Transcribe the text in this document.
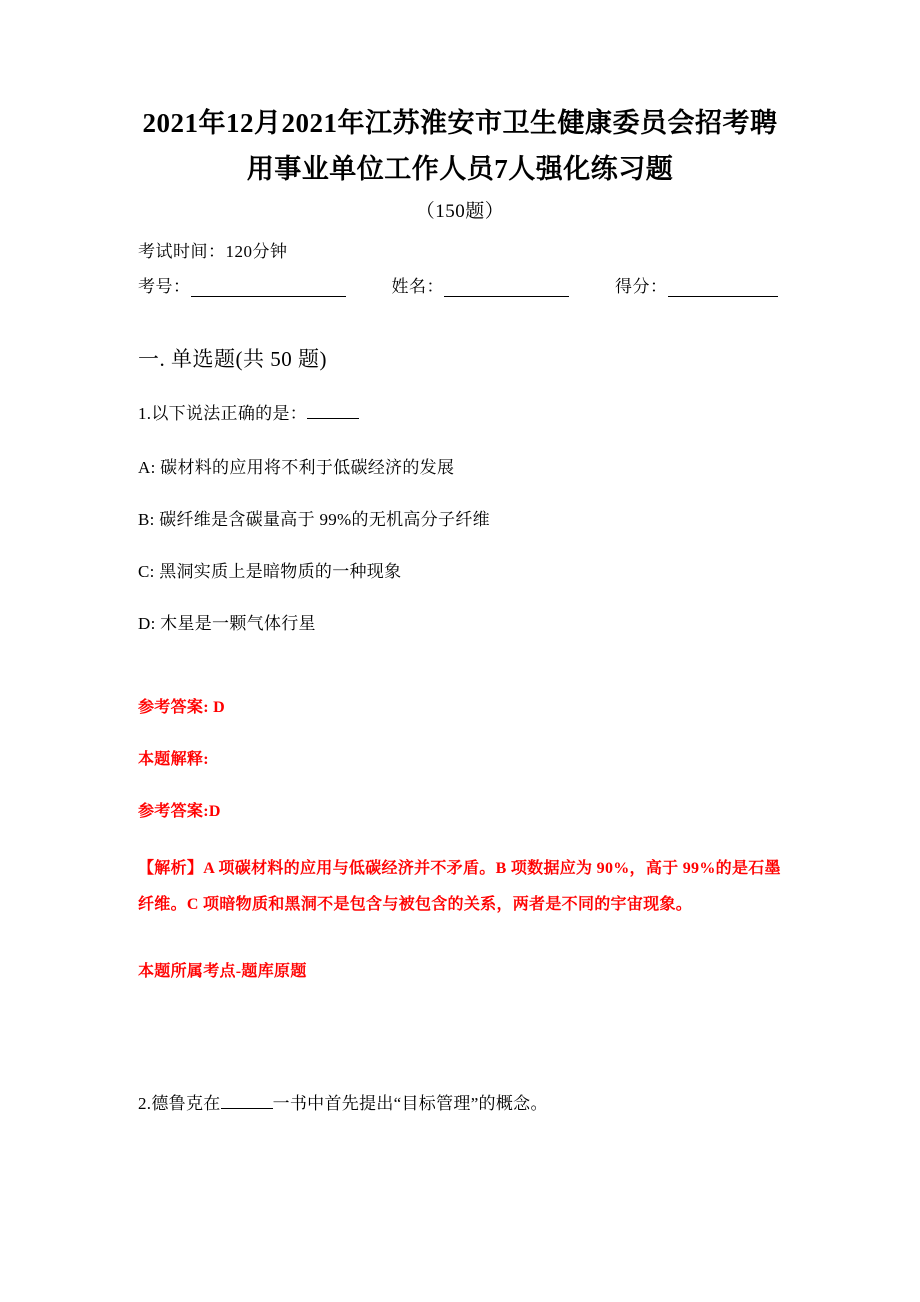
2021年12月2021年江苏淮安市卫生健康委员会招考聘用事业单位工作人员7人强化练习题
（150题）
考试时间：120分钟
考号：	姓名：	得分：
一. 单选题(共 50 题)
1.以下说法正确的是：
A: 碳材料的应用将不利于低碳经济的发展
B: 碳纤维是含碳量高于 99%的无机高分子纤维
C: 黑洞实质上是暗物质的一种现象
D: 木星是一颗气体行星
参考答案: D
本题解释:
参考答案:D
【解析】A 项碳材料的应用与低碳经济并不矛盾。B 项数据应为 90%，高于 99%的是石墨纤维。C 项暗物质和黑洞不是包含与被包含的关系，两者是不同的宇宙现象。
本题所属考点-题库原题
2.德鲁克在	一书中首先提出“目标管理”的概念。
